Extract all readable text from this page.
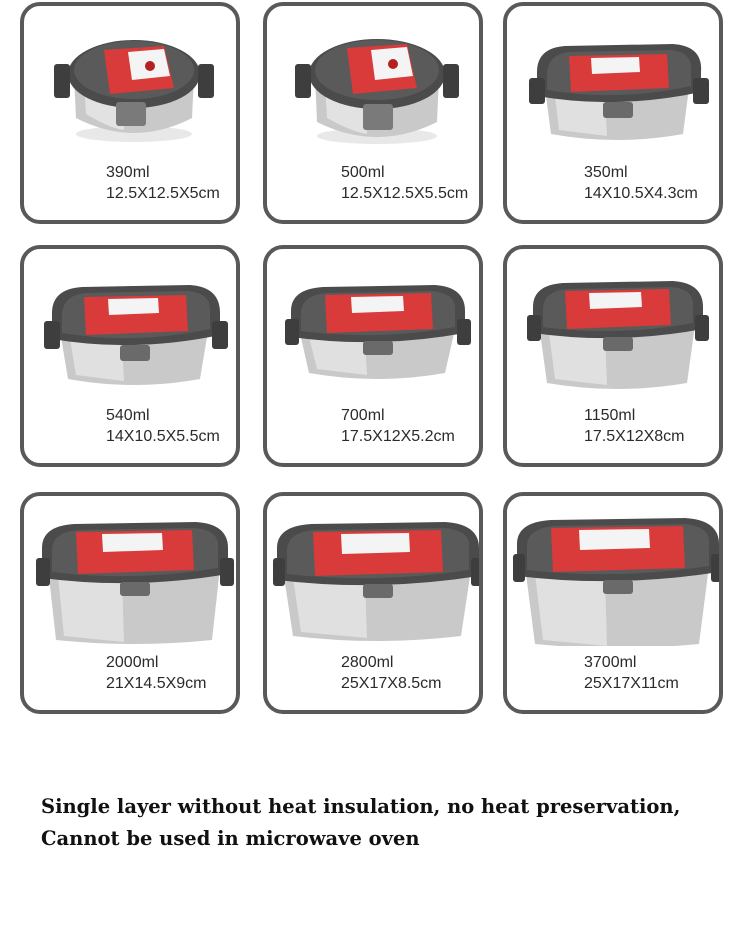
390ml
12.5X12.5X5cm
500ml
12.5X12.5X5.5cm
350ml
14X10.5X4.3cm
540ml
14X10.5X5.5cm
700ml
17.5X12X5.2cm
1150ml
17.5X12X8cm
2000ml
21X14.5X9cm
2800ml
25X17X8.5cm
3700ml
25X17X11cm
Single layer without heat insulation, no heat preservation,
Cannot be used in microwave oven
